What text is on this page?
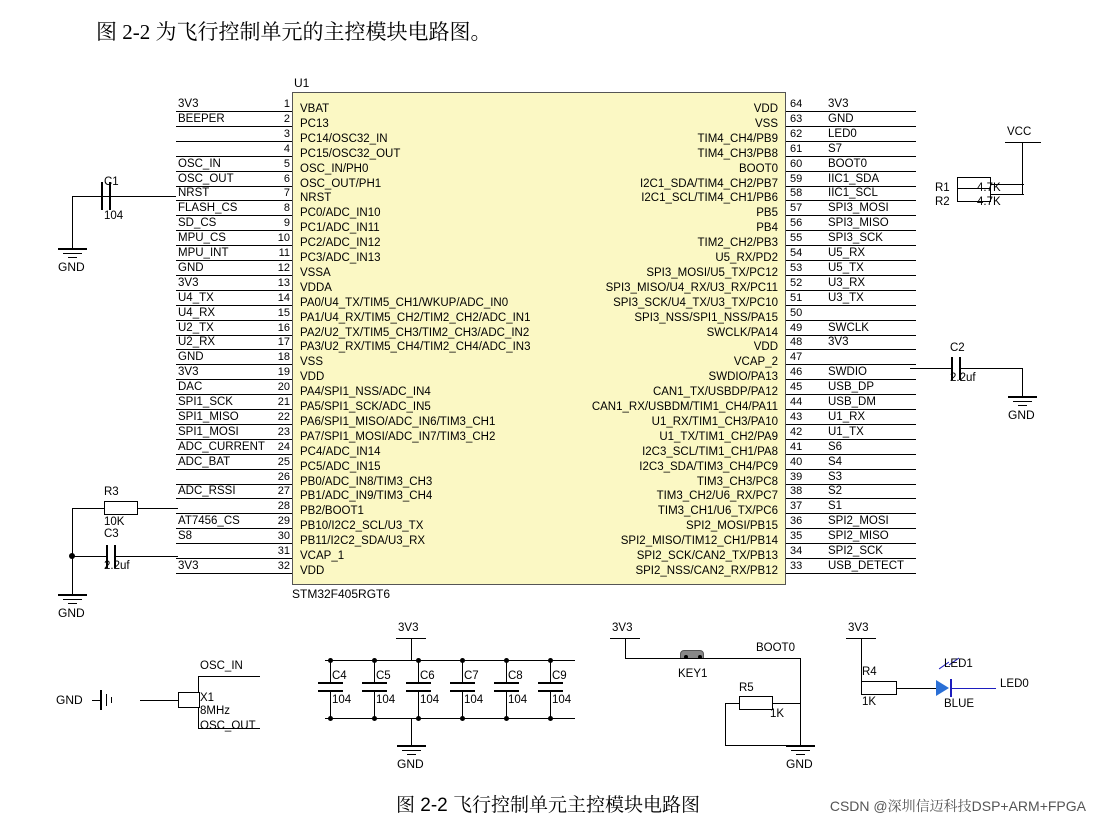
图 2-2 为飞行控制单元的主控模块电路图。
图 2-2 飞行控制单元主控模块电路图	CSDN @深圳信迈科技DSP+ARM+FPGA
U1
STM32F405RGT6
VBAT
1
3V3
PC13
2
BEEPER
PC14/OSC32_IN
3
PC15/OSC32_OUT
4
OSC_IN/PH0
5
OSC_IN
OSC_OUT/PH1
6
OSC_OUT
NRST
7
NRST
PC0/ADC_IN10
8
FLASH_CS
PC1/ADC_IN11
9
SD_CS
PC2/ADC_IN12
10
MPU_CS
PC3/ADC_IN13
11
MPU_INT
VSSA
12
GND
VDDA
13
3V3
PA0/U4_TX/TIM5_CH1/WKUP/ADC_IN0
14
U4_TX
PA1/U4_RX/TIM5_CH2/TIM2_CH2/ADC_IN1
15
U4_RX
PA2/U2_TX/TIM5_CH3/TIM2_CH3/ADC_IN2
16
U2_TX
PA3/U2_RX/TIM5_CH4/TIM2_CH4/ADC_IN3
17
U2_RX
VSS
18
GND
VDD
19
3V3
PA4/SPI1_NSS/ADC_IN4
20
DAC
PA5/SPI1_SCK/ADC_IN5
21
SPI1_SCK
PA6/SPI1_MISO/ADC_IN6/TIM3_CH1
22
SPI1_MISO
PA7/SPI1_MOSI/ADC_IN7/TIM3_CH2
23
SPI1_MOSI
PC4/ADC_IN14
24
ADC_CURRENT
PC5/ADC_IN15
25
ADC_BAT
PB0/ADC_IN8/TIM3_CH3
26
PB1/ADC_IN9/TIM3_CH4
27
ADC_RSSI
PB2/BOOT1
28
PB10/I2C2_SCL/U3_TX
29
AT7456_CS
PB11/I2C2_SDA/U3_RX
30
S8
VCAP_1
31
VDD
32
3V3
VDD 64 3V3
VSS 63 GND
TIM4_CH4/PB9 62 LED0
TIM4_CH3/PB8 61 S7
BOOT0 60 BOOT0
I2C1_SDA/TIM4_CH2/PB7 59 IIC1_SDA
I2C1_SCL/TIM4_CH1/PB6 58 IIC1_SCL
PB5 57 SPI3_MOSI
PB4 56 SPI3_MISO
TIM2_CH2/PB3 55 SPI3_SCK
U5_RX/PD2 54 U5_RX
SPI3_MOSI/U5_TX/PC12 53 U5_TX
SPI3_MISO/U4_RX/U3_RX/PC11 52 U3_RX
SPI3_SCK/U4_TX/U3_TX/PC10 51 U3_TX
SPI3_NSS/SPI1_NSS/PA15 50
SWCLK/PA14 49 SWCLK
VDD 48 3V3
VCAP_2 47
SWDIO/PA13 46 SWDIO
CAN1_TX/USBDP/PA12 45 USB_DP
CAN1_RX/USBDM/TIM1_CH4/PA11 44 USB_DM
U1_RX/TIM1_CH3/PA10 43 U1_RX
U1_TX/TIM1_CH2/PA9 42 U1_TX
I2C3_SCL/TIM1_CH1/PA8 41 S6
I2C3_SDA/TIM3_CH4/PC9 40 S4
TIM3_CH3/PC8 39 S3
TIM3_CH2/U6_RX/PC7 38 S2
TIM3_CH1/U6_TX/PC6 37 S1
SPI2_MOSI/PB15 36 SPI2_MOSI
SPI2_MISO/TIM12_CH1/PB14 35 SPI2_MISO
SPI2_SCK/CAN2_TX/PB13 34 SPI2_SCK
SPI2_NSS/CAN2_RX/PB12 33 USB_DETECT
C1
104
GND
R3
10K
C3
2.2uf
GND
VCC
R1
R2
4.7K
4.7K
C2
2.2uf
GND
OSC_IN
X1
8MHz
OSC_OUT
GND
C4
104
C5
104
C6
104
C7
104
C8
104
C9
104
3V3
GND
3V3
BOOT0
KEY1
R5
1K
GND
3V3
R4
1K
LED1
BLUE
LED0
